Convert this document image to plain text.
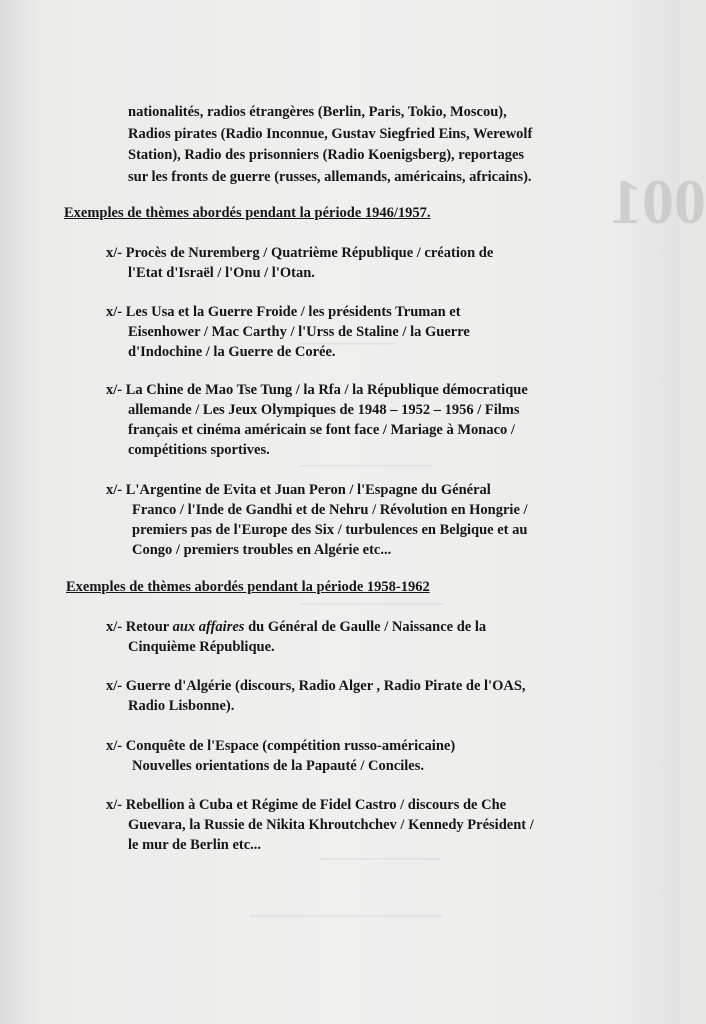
001
────────────────
──────────────────────
────────────────────────
────────────────────
────────────────────────────────

nationalités, radios étrangères (Berlin, Paris, Tokio, Moscou),
Radios pirates (Radio Inconnue, Gustav Siegfried Eins, Werewolf
Station), Radio des prisonniers (Radio Koenigsberg), reportages
sur les fronts de guerre (russes, allemands, américains, africains).

Exemples de thèmes abordés pendant la période 1946/1957.
x/- Procès de Nuremberg / Quatrième République / création de
l'Etat d'Israël / l'Onu / l'Otan.
x/- Les Usa et la Guerre Froide / les présidents Truman et
Eisenhower / Mac Carthy / l'Urss de Staline / la Guerre
d'Indochine / la Guerre de Corée.
x/- La Chine de Mao Tse Tung / la Rfa / la République démocratique
allemande / Les Jeux Olympiques de 1948 – 1952 – 1956 / Films
français et cinéma américain se font face / Mariage à Monaco /
compétitions sportives.
x/- L'Argentine de Evita et Juan Peron / l'Espagne du Général
Franco / l'Inde de Gandhi et de Nehru / Révolution en Hongrie /
premiers pas de l'Europe des Six / turbulences en Belgique et au
Congo / premiers troubles en Algérie etc...
Exemples de thèmes abordés pendant la période 1958-1962
x/- Retour aux affaires du Général de Gaulle / Naissance de la
Cinquième République.
x/- Guerre d'Algérie (discours, Radio Alger , Radio Pirate de l'OAS,
Radio Lisbonne).
x/- Conquête de l'Espace (compétition russo-américaine)
Nouvelles orientations de la Papauté / Conciles.
x/- Rebellion à Cuba et Régime de Fidel Castro / discours de Che
Guevara, la Russie de Nikita Khroutchchev / Kennedy Président /
le mur de Berlin etc...
